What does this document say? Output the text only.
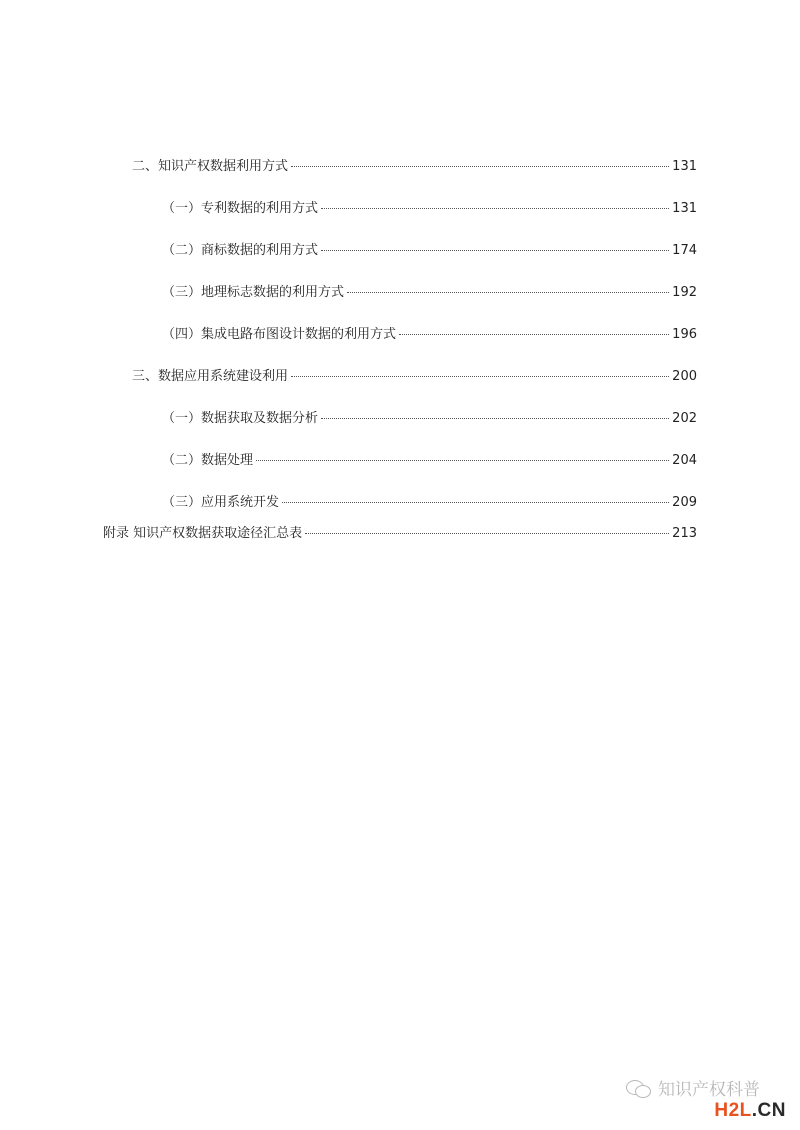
二、知识产权数据利用方式	131
（一）专利数据的利用方式	131
（二）商标数据的利用方式	174
（三）地理标志数据的利用方式	192
（四）集成电路布图设计数据的利用方式	196
三、数据应用系统建设利用	200
（一）数据获取及数据分析	202
（二）数据处理	204
（三）应用系统开发	209
附录 知识产权数据获取途径汇总表	213
知识产权科普
H2L.CN
